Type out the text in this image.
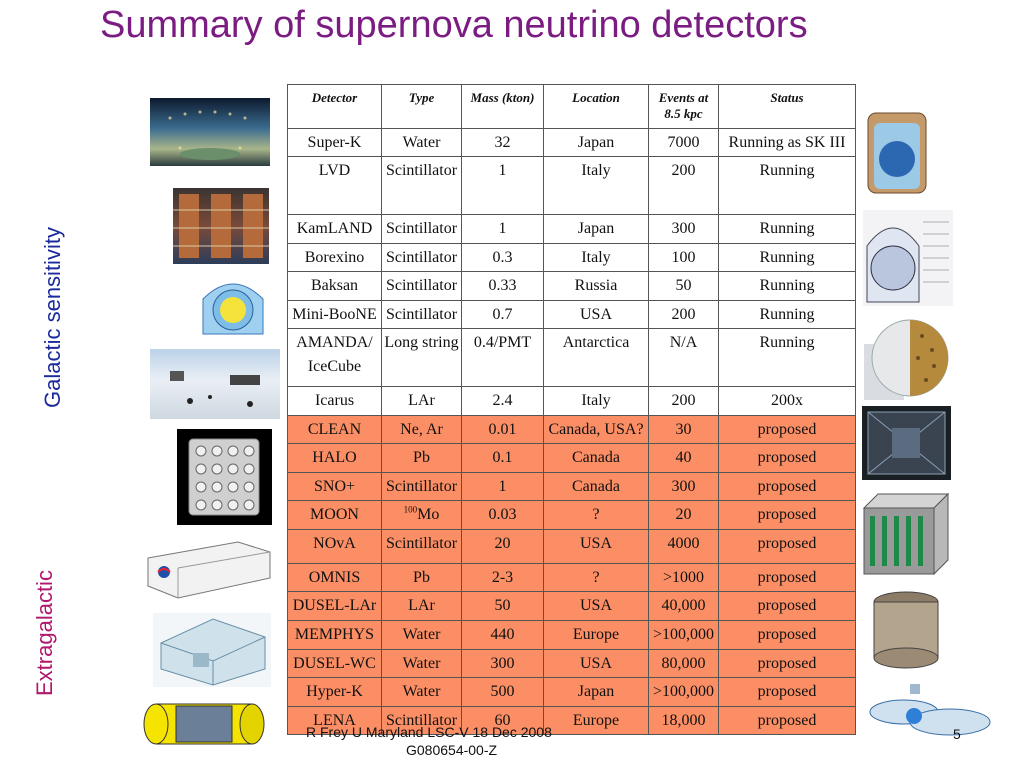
Summary of supernova neutrino detectors
Galactic sensitivity
Extragalactic
Detector	Type	Mass (kton)	Location	Events at 8.5 kpc	Status
Super-K	Water	32	Japan	7000	Running as SK III
LVD	Scintillator	1	Italy	200	Running
KamLAND	Scintillator	1	Japan	300	Running
Borexino	Scintillator	0.3	Italy	100	Running
Baksan	Scintillator	0.33	Russia	50	Running
Mini-BooNE	Scintillator	0.7	USA	200	Running
AMANDA/ IceCube	Long string	0.4/PMT	Antarctica	N/A	Running
Icarus	LAr	2.4	Italy	200	200x
CLEAN	Ne, Ar	0.01	Canada, USA?	30	proposed
HALO	Pb	0.1	Canada	40	proposed
SNO+	Scintillator	1	Canada	300	proposed
MOON	$^{100}$Mo	0.03	?	20	proposed
NOvA	Scintillator	20	USA	4000	proposed
OMNIS	Pb	2-3	?	>1000	proposed
DUSEL-LAr	LAr	50	USA	40,000	proposed
MEMPHYS	Water	440	Europe	>100,000	proposed
DUSEL-WC	Water	300	USA	80,000	proposed
Hyper-K	Water	500	Japan	>100,000	proposed
LENA	Scintillator	60	Europe	18,000	proposed
R Frey U Maryland LSC-V 18 Dec 2008
G080654-00-Z
5
